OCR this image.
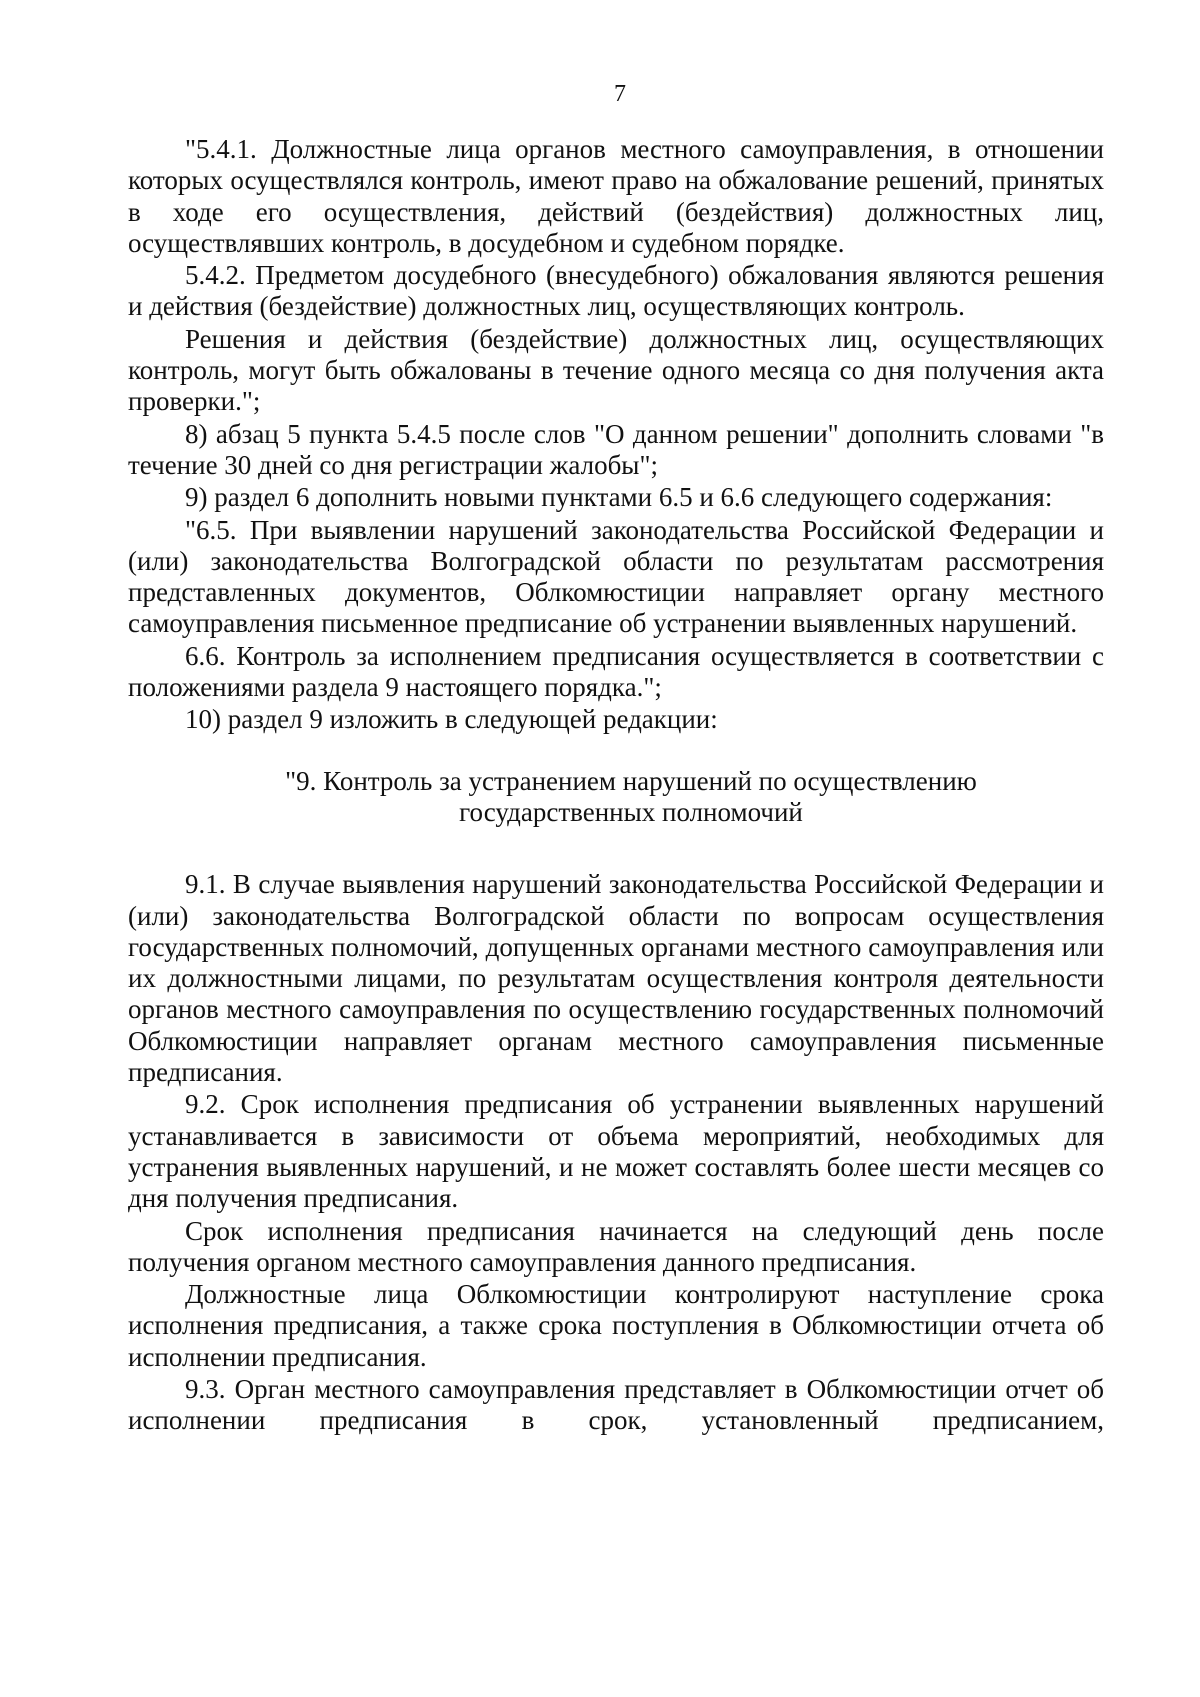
7

"5.4.1. Должностные лица органов местного самоуправления, в отношении которых осуществлялся контроль, имеют право на обжалование решений, принятых в ходе его осуществления, действий (бездействия) должностных лиц, осуществлявших контроль, в досудебном и судебном порядке.

5.4.2. Предметом досудебного (внесудебного) обжалования являются решения и действия (бездействие) должностных лиц, осуществляющих контроль.

Решения и действия (бездействие) должностных лиц, осуществляющих контроль, могут быть обжалованы в течение одного месяца со дня получения акта проверки.";

8) абзац 5 пункта 5.4.5 после слов "О данном решении" дополнить словами "в течение 30 дней со дня регистрации жалобы";

9) раздел 6 дополнить новыми пунктами 6.5 и 6.6 следующего содержания:

"6.5. При выявлении нарушений законодательства Российской Федерации и (или) законодательства Волгоградской области по результатам рассмотрения представленных документов, Облкомюстиции направляет органу местного самоуправления письменное предписание об устранении выявленных нарушений.

6.6. Контроль за исполнением предписания осуществляется в соответствии с положениями раздела 9 настоящего порядка.";

10) раздел 9 изложить в следующей редакции:

"9. Контроль за устранением нарушений по осуществлению
государственных полномочий

9.1. В случае выявления нарушений законодательства Российской Федерации и (или) законодательства Волгоградской области по вопросам осуществления государственных полномочий, допущенных органами местного самоуправления или их должностными лицами, по результатам осуществления контроля деятельности органов местного самоуправления по осуществлению государственных полномочий Облкомюстиции направляет органам местного самоуправления письменные предписания.

9.2. Срок исполнения предписания об устранении выявленных нарушений устанавливается в зависимости от объема мероприятий, необходимых для устранения выявленных нарушений, и не может составлять более шести месяцев со дня получения предписания.

Срок исполнения предписания начинается на следующий день после получения органом местного самоуправления данного предписания.

Должностные лица Облкомюстиции контролируют наступление срока исполнения предписания, а также срока поступления в Облкомюстиции отчета об исполнении предписания.

9.3. Орган местного самоуправления представляет в Облкомюстиции отчет об исполнении предписания в срок, установленный предписанием,
